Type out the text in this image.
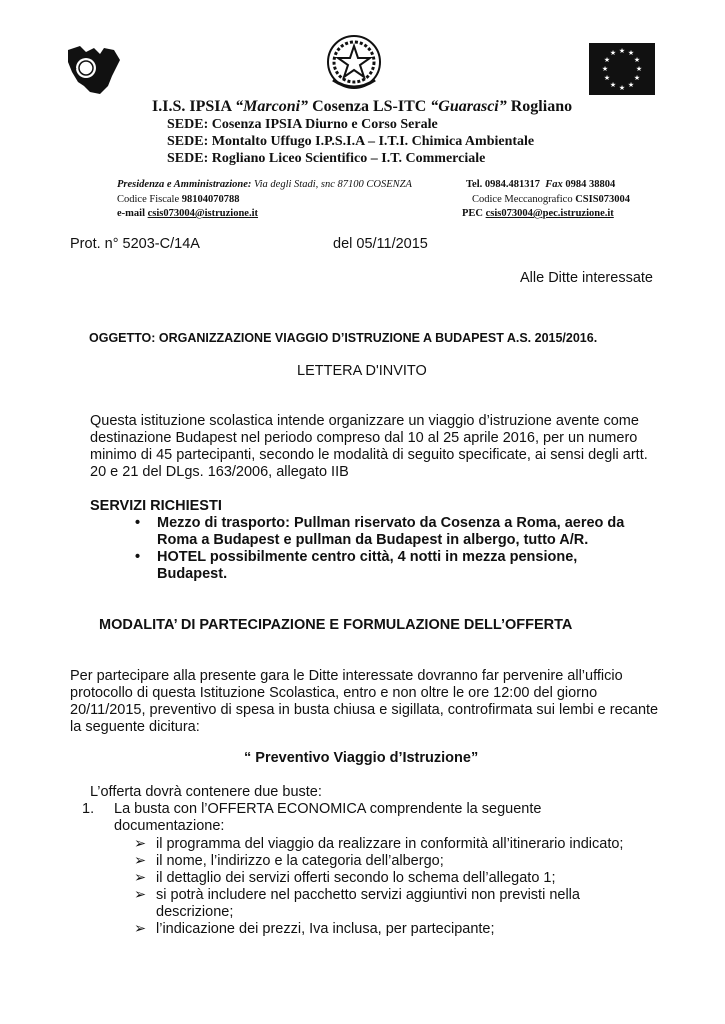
✦
★ ★
★
★
★
★
★
★
★
★
★
★
I.I.S. IPSIA “Marconi” Cosenza LS-ITC “Guarasci” Rogliano
SEDE: Cosenza IPSIA Diurno e Corso Serale
SEDE: Montalto Uffugo I.P.S.I.A – I.T.I. Chimica Ambientale
SEDE: Rogliano Liceo Scientifico – I.T. Commerciale
Presidenza e Amministrazione: Via degli Stadi, snc 87100 COSENZA	Tel. 0984.481317 Fax 0984 38804
Codice Fiscale 98104070788	Codice Meccanografico CSIS073004
e-mail csis073004@istruzione.it	PEC csis073004@pec.istruzione.it
Prot. n° 5203-C/14A	del 05/11/2015
Alle Ditte interessate
OGGETTO: ORGANIZZAZIONE VIAGGIO D’ISTRUZIONE A BUDAPEST A.S. 2015/2016.
LETTERA D'INVITO
Questa istituzione scolastica intende organizzare un viaggio d’istruzione avente come destinazione Budapest nel periodo compreso dal 10 al 25 aprile 2016, per un numero minimo di 45 partecipanti, secondo le modalità di seguito specificate, ai sensi degli artt. 20 e 21 del DLgs. 163/2006, allegato IIB
SERVIZI RICHIESTI
• Mezzo di trasporto: Pullman riservato da Cosenza a Roma, aereo da Roma a Budapest e pullman da Budapest in albergo, tutto A/R.
• HOTEL possibilmente centro città, 4 notti in mezza pensione, Budapest.
MODALITA’ DI PARTECIPAZIONE E FORMULAZIONE DELL’OFFERTA
Per partecipare alla presente gara le Ditte interessate dovranno far pervenire all’ufficio protocollo di questa Istituzione Scolastica, entro e non oltre le ore 12:00 del giorno 20/11/2015, preventivo di spesa in busta chiusa e sigillata, controfirmata sui lembi e recante la seguente dicitura:
“ Preventivo Viaggio d’Istruzione”
L’offerta dovrà contenere due buste:
1. La busta con l’OFFERTA ECONOMICA comprendente la seguente documentazione:
➢ il programma del viaggio da realizzare in conformità all’itinerario indicato;
➢ il nome, l’indirizzo e la categoria dell’albergo;
➢ il dettaglio dei servizi offerti secondo lo schema dell’allegato 1;
➢ si potrà includere nel pacchetto servizi aggiuntivi non previsti nella descrizione;
➢ l’indicazione dei prezzi, Iva inclusa, per partecipante;
